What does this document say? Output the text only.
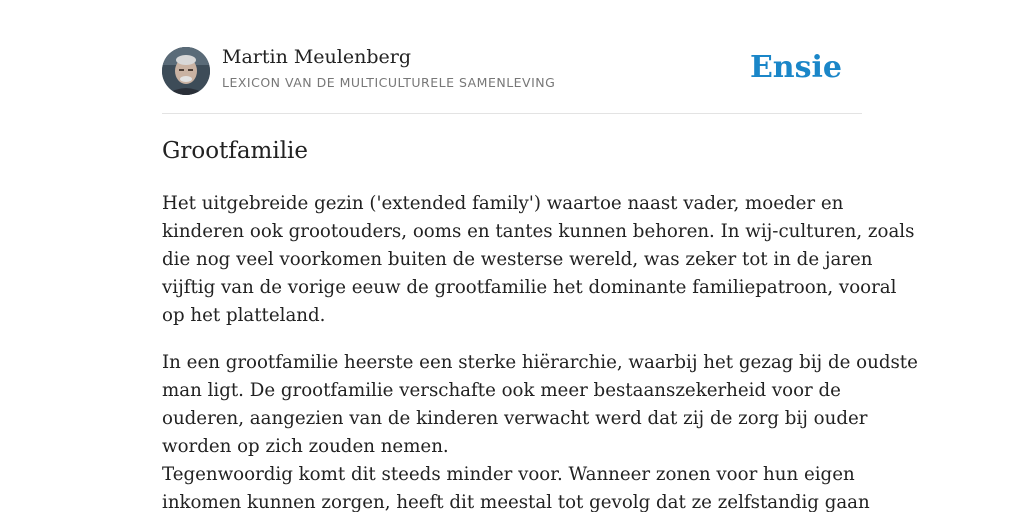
Martin Meulenberg
LEXICON VAN DE MULTICULTURELE SAMENLEVING	Ensie
Grootfamilie

Het uitgebreide gezin ('extended family') waartoe naast vader, moeder en
kinderen ook grootouders, ooms en tantes kunnen behoren. In wij-culturen, zoals
die nog veel voorkomen buiten de westerse wereld, was zeker tot in de jaren
vijftig van de vorige eeuw de grootfamilie het dominante familiepatroon, vooral
op het platteland.

In een grootfamilie heerste een sterke hiërarchie, waarbij het gezag bij de oudste
man ligt. De grootfamilie verschafte ook meer bestaanszekerheid voor de
ouderen, aangezien van de kinderen verwacht werd dat zij de zorg bij ouder
worden op zich zouden nemen.
Tegenwoordig komt dit steeds minder voor. Wanneer zonen voor hun eigen
inkomen kunnen zorgen, heeft dit meestal tot gevolg dat ze zelfstandig gaan
